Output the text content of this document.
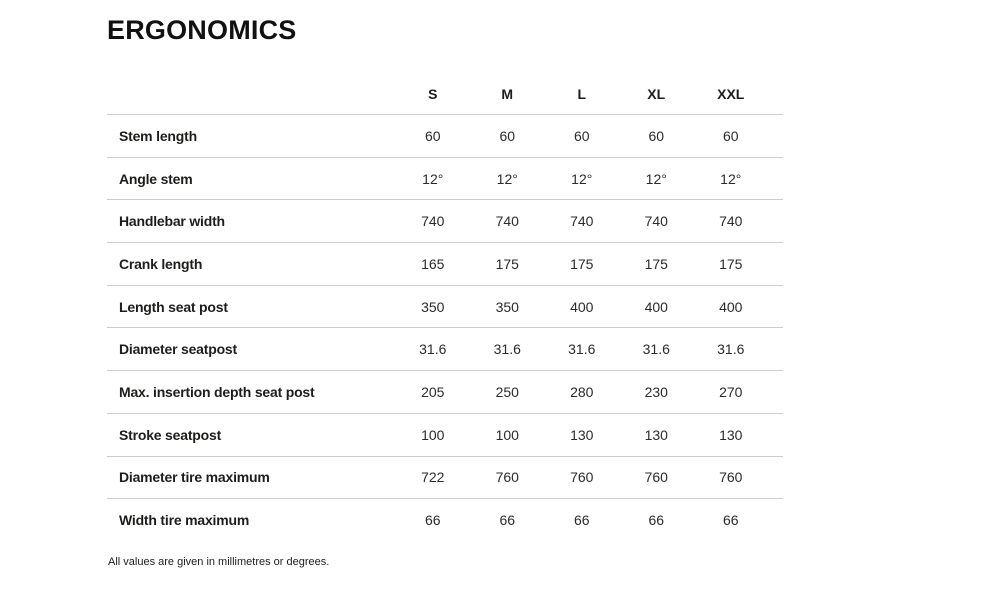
ERGONOMICS
S	M	L	XL	XXL
Stem length	60	60	60	60	60
Angle stem	12°	12°	12°	12°	12°
Handlebar width	740	740	740	740	740
Crank length	165	175	175	175	175
Length seat post	350	350	400	400	400
Diameter seatpost	31.6	31.6	31.6	31.6	31.6
Max. insertion depth seat post	205	250	280	230	270
Stroke seatpost	100	100	130	130	130
Diameter tire maximum	722	760	760	760	760
Width tire maximum	66	66	66	66	66

All values are given in millimetres or degrees.
